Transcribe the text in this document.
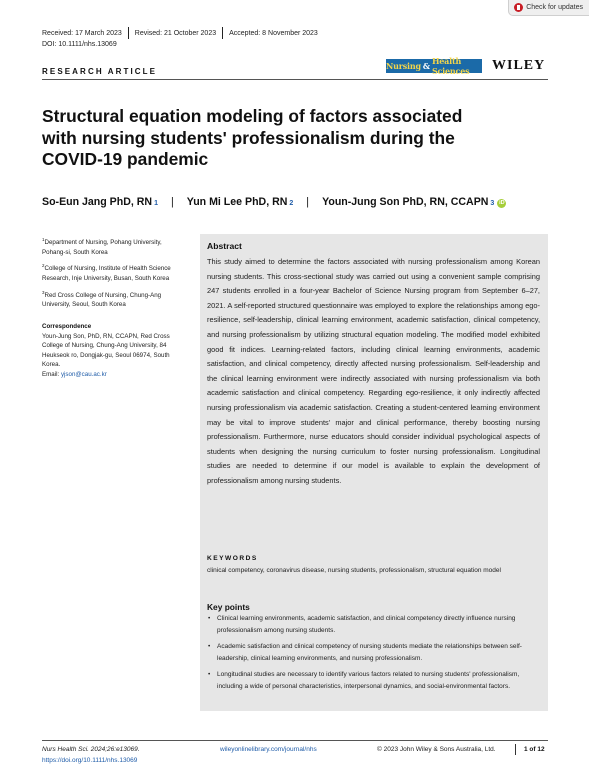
Check for updates
Received: 17 March 2023 Revised: 21 October 2023 Accepted: 8 November 2023
DOI: 10.1111/nhs.13069
RESEARCH ARTICLE
Nursing & Health Sciences	WILEY
Structural equation modeling of factors associated with nursing students' professionalism during the COVID-19 pandemic
So-Eun Jang PhD, RN 1 | Yun Mi Lee PhD, RN 2 | Youn-Jung Son PhD, RN, CCAPN 3 iD

$^1$Department of Nursing, Pohang University, Pohang-si, South Korea

$^2$College of Nursing, Institute of Health Science Research, Inje University, Busan, South Korea

$^3$Red Cross College of Nursing, Chung-Ang University, Seoul, South Korea

Correspondence
Youn-Jung Son, PhD, RN, CCAPN, Red Cross College of Nursing, Chung-Ang University, 84 Heukseok ro, Dongjak-gu, Seoul 06974, South Korea.
Email: yjson@cau.ac.kr
Abstract
This study aimed to determine the factors associated with nursing professionalism among Korean nursing students. This cross-sectional study was carried out using a convenient sample comprising 247 students enrolled in a four-year Bachelor of Science Nursing program from September 6–27, 2021. A self-reported structured questionnaire was employed to explore the relationships among ego-resilience, self-leadership, clinical learning environment, academic satisfaction, clinical competency, and nursing professionalism by utilizing structural equation modeling. The modified model exhibited good fit indices. Learning-related factors, including clinical learning environments, academic satisfaction, and clinical competency, directly affected nursing professionalism. Self-leadership and the clinical learning environment were indirectly associated with nursing professionalism via both academic satisfaction and clinical competency. Regarding ego-resilience, it only indirectly affected nursing professionalism via academic satisfaction. Creating a student-centered learning environment may be vital to improve students' major and clinical performance, thereby boosting nursing professionalism. Furthermore, nurse educators should consider individual psychological aspects of students when designing the nursing curriculum to foster nursing professionalism. Longitudinal studies are needed to determine if our model is available to explain the development of professionalism among nursing students.
KEYWORDS
clinical competency, coronavirus disease, nursing students, professionalism, structural equation model
Key points
• Clinical learning environments, academic satisfaction, and clinical competency directly influence nursing professionalism among nursing students.
• Academic satisfaction and clinical competency of nursing students mediate the relationships between self-leadership, clinical learning environments, and nursing professionalism.
• Longitudinal studies are necessary to identify various factors related to nursing students' professionalism, including a wide of personal characteristics, interpersonal dynamics, and social-environmental factors.
Nurs Health Sci. 2024;26:e13069.
https://doi.org/10.1111/nhs.13069
wileyonlinelibrary.com/journal/nhs	© 2023 John Wiley & Sons Australia, Ltd.	1 of 12
